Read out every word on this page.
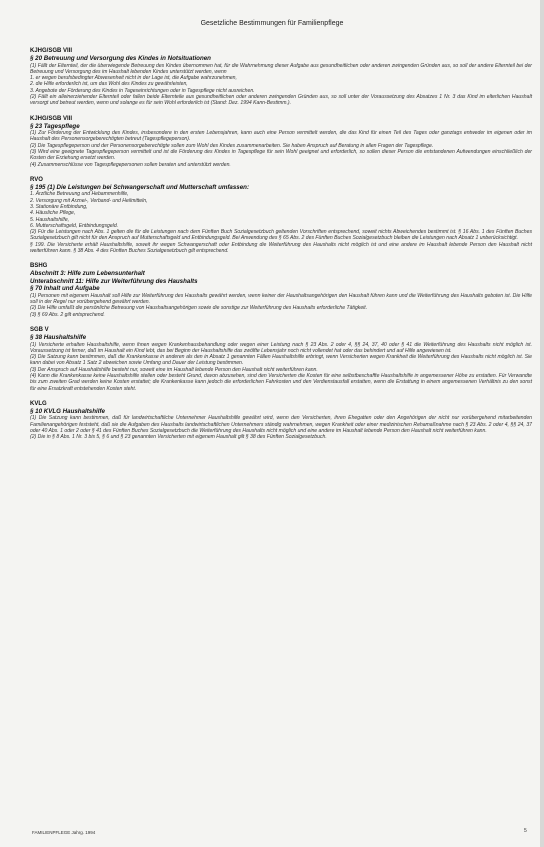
Gesetzliche Bestimmungen für Familienpflege
KJHG/SGB VIII
§ 20 Betreuung und Versorgung des Kindes in Notsituationen

(1) Fällt der Elternteil, der die überwiegende Betreuung des Kindes übernommen hat, für die Wahrnehmung dieser Aufgabe aus gesundheitlichen oder anderen zwingenden Gründen aus, so soll der andere Elternteil bei der Betreuung und Versorgung des im Haushalt lebenden Kindes unterstützt werden, wenn

1. er wegen berufsbedingter Abwesenheit nicht in der Lage ist, die Aufgabe wahrzunehmen,

2. die Hilfe erforderlich ist, um das Wohl des Kindes zu gewährleisten,

3. Angebote der Förderung des Kindes in Tageseinrichtungen oder in Tagespflege nicht ausreichen.

(2) Fällt ein alleinerziehender Elternteil oder fallen beide Elternteile aus gesundheitlichen oder anderen zwingenden Gründen aus, so soll unter der Voraussetzung des Absatzes 1 Nr. 3 das Kind im elterlichen Haushalt versorgt und betreut werden, wenn und solange es für sein Wohl erforderlich ist (Stand: Dez. 1994 Kann-Bestimm.).

KJHG/SGB VIII
§ 23 Tagespflege

(1) Zur Förderung der Entwicklung des Kindes, insbesondere in den ersten Lebensjahren, kann auch eine Person vermittelt werden, die das Kind für einen Teil des Tages oder ganztags entweder im eigenen oder im Haushalt des Personensorgeberechtigten betreut (Tagespflegeperson).

(2) Die Tagespflegeperson und der Personensorgeberechtigte sollen zum Wohl des Kindes zusammenarbeiten. Sie haben Anspruch auf Beratung in allen Fragen der Tagespflege.

(3) Wird eine geeignete Tagespflegeperson vermittelt und ist die Förderung des Kindes in Tagespflege für sein Wohl geeignet und erforderlich, so sollen dieser Person die entstandenen Aufwendungen einschließlich der Kosten der Erziehung ersetzt werden.

(4) Zusammenschlüsse von Tagespflegepersonen sollen beraten und unterstützt werden.

RVO
§ 195 (1) Die Leistungen bei Schwangerschaft und Mutterschaft umfassen:

1. Ärztliche Betreuung und Hebammenhilfe,

2. Versorgung mit Arznei-, Verband- und Heilmitteln,

3. Stationäre Entbindung,

4. Häusliche Pflege,

5. Haushaltshilfe,

6. Mutterschaftsgeld, Entbindungsgeld.

(2) Für die Leistungen nach Abs. 1 gelten die für die Leistungen nach dem Fünften Buch Sozialgesetzbuch geltenden Vorschriften entsprechend, soweit nichts Abweichendes bestimmt ist. § 16 Abs. 1 des Fünften Buches Sozialgesetzbuch gilt nicht für den Anspruch auf Mutterschaftsgeld und Entbindungsgeld. Bei Anwendung des § 65 Abs. 2 des Fünften Buches Sozialgesetzbuch bleiben die Leistungen nach Absatz 1 unberücksichtigt.

§ 199. Die Versicherte erhält Haushaltshilfe, soweit ihr wegen Schwangerschaft oder Entbindung die Weiterführung des Haushalts nicht möglich ist und eine andere im Haushalt lebende Person den Haushalt nicht weiterführen kann. § 38 Abs. 4 des Fünften Buches Sozialgesetzbuch gilt entsprechend.

BSHG
Abschnitt 3: Hilfe zum Lebensunterhalt
Unterabschnitt 11: Hilfe zur Weiterführung des Haushalts
§ 70 Inhalt und Aufgabe

(1) Personen mit eigenem Haushalt soll Hilfe zur Weiterführung des Haushalts gewährt werden, wenn keiner der Haushaltsangehörigen den Haushalt führen kann und die Weiterführung des Haushalts geboten ist. Die Hilfe soll in der Regel nur vorübergehend gewährt werden.

(2) Die Hilfe umfaßt die persönliche Betreuung von Haushaltsangehörigen sowie die sonstige zur Weiterführung des Haushalts erforderliche Tätigkeit.

(3) § 69 Abs. 2 gilt entsprechend.

SGB V
§ 38 Haushaltshilfe

(1) Versicherte erhalten Haushaltshilfe, wenn ihnen wegen Krankenhausbehandlung oder wegen einer Leistung nach § 23 Abs. 2 oder 4, §§ 24, 37, 40 oder § 41 die Weiterführung des Haushalts nicht möglich ist. Voraussetzung ist ferner, daß im Haushalt ein Kind lebt, das bei Beginn der Haushaltshilfe das zwölfte Lebensjahr noch nicht vollendet hat oder das behindert und auf Hilfe angewiesen ist.

(2) Die Satzung kann bestimmen, daß die Krankenkasse in anderen als den in Absatz 1 genannten Fällen Haushaltshilfe erbringt, wenn Versicherten wegen Krankheit die Weiterführung des Haushalts nicht möglich ist. Sie kann dabei von Absatz 1 Satz 2 abweichen sowie Umfang und Dauer der Leistung bestimmen.

(3) Der Anspruch auf Haushaltshilfe besteht nur, soweit eine im Haushalt lebende Person den Haushalt nicht weiterführen kann.

(4) Kann die Krankenkasse keine Haushaltshilfe stellen oder besteht Grund, davon abzusehen, sind den Versicherten die Kosten für eine selbstbeschaffte Haushaltshilfe in angemessener Höhe zu erstatten. Für Verwandte bis zum zweiten Grad werden keine Kosten erstattet; die Krankenkasse kann jedoch die erforderlichen Fahrkosten und den Verdienstausfall erstatten, wenn die Erstattung in einem angemessenen Verhältnis zu den sonst für eine Ersatzkraft entstehenden Kosten steht.

KVLG
§ 10 KVLG Haushaltshilfe

(1) Die Satzung kann bestimmen, daß für landwirtschaftliche Unternehmer Haushaltshilfe gewährt wird, wenn den Versicherten, ihren Ehegatten oder den Angehörigen der nicht nur vorübergehend mitarbeitenden Familienangehörigen feststeht, daß sie die Aufgaben des Haushalts landwirtschaftlichen Unternehmers ständig wahrnehmen, wegen Krankheit oder einer medizinischen Rehamaßnahme nach § 23 Abs. 2 oder 4, §§ 24, 37 oder 40 Abs. 1 oder 2 oder § 41 des Fünften Buches Sozialgesetzbuch die Weiterführung des Haushalts nicht möglich und eine andere im Haushalt lebende Person den Haushalt nicht weiterführen kann.

(2) Die in § 8 Abs. 1 Nr. 3 bis 5, § 6 und § 23 genannten Versicherten mit eigenem Haushalt gilt § 38 des Fünften Sozialgesetzbuch.

FAMILIENPFLEGE Jahrg. 1994	5
